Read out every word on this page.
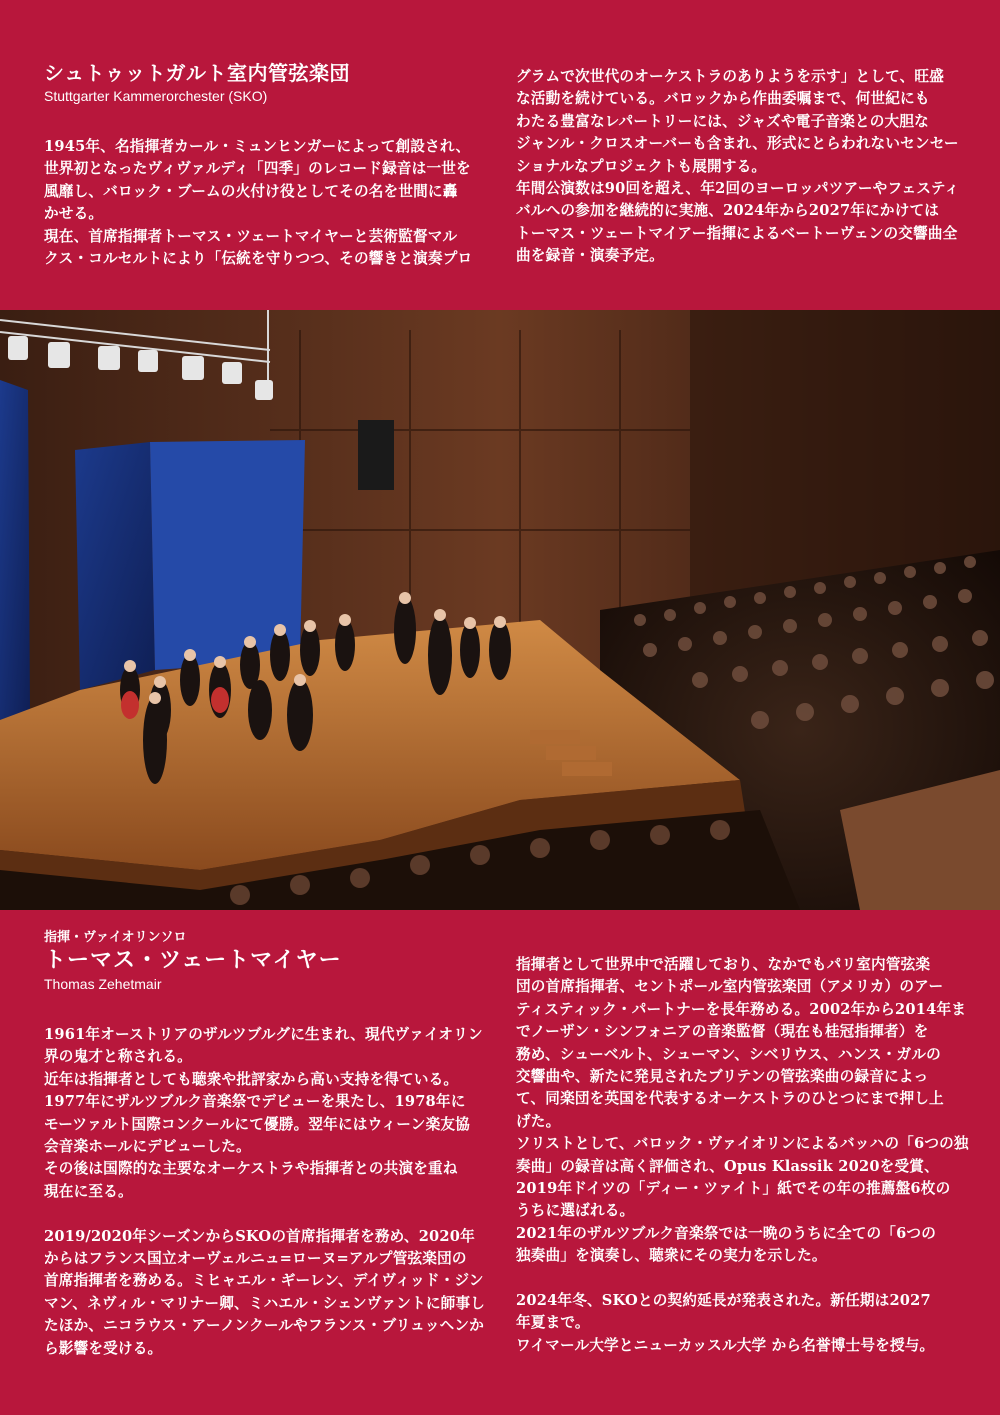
シュトゥットガルト室内管弦楽団

Stuttgarter Kammerorchester (SKO)

1945年、名指揮者カール・ミュンヒンガーによって創設され、
世界初となったヴィヴァルディ「四季」のレコード録音は一世を
風靡し、バロック・ブームの火付け役としてその名を世間に轟
かせる。
現在、首席指揮者トーマス・ツェートマイヤーと芸術監督マル
クス・コルセルトにより「伝統を守りつつ、その響きと演奏プロ
グラムで次世代のオーケストラのありようを示す」として、旺盛
な活動を続けている。バロックから作曲委嘱まで、何世紀にも
わたる豊富なレパートリーには、ジャズや電子音楽との大胆な
ジャンル・クロスオーバーも含まれ、形式にとらわれないセンセー
ショナルなプロジェクトも展開する。
年間公演数は90回を超え、年2回のヨーロッパツアーやフェスティ
バルへの参加を継続的に実施、2024年から2027年にかけては
トーマス・ツェートマイアー指揮によるベートーヴェンの交響曲全
曲を録音・演奏予定。

指揮・ヴァイオリンソロ

トーマス・ツェートマイヤー

Thomas Zehetmair

1961年オーストリアのザルツブルグに生まれ、現代ヴァイオリン
界の鬼才と称される。
近年は指揮者としても聴衆や批評家から高い支持を得ている。
1977年にザルツブルク音楽祭でデビューを果たし、1978年に
モーツァルト国際コンクールにて優勝。翌年にはウィーン楽友協
会音楽ホールにデビューした。
その後は国際的な主要なオーケストラや指揮者との共演を重ね
現在に至る。
2019/2020年シーズンからSKOの首席指揮者を務め、2020年
からはフランス国立オーヴェルニュ=ローヌ=アルプ管弦楽団の
首席指揮者を務める。ミヒャエル・ギーレン、デイヴィッド・ジン
マン、ネヴィル・マリナー卿、ミハエル・シェンヴァントに師事し
たほか、ニコラウス・アーノンクールやフランス・ブリュッヘンか
ら影響を受ける。
指揮者として世界中で活躍しており、なかでもパリ室内管弦楽
団の首席指揮者、セントポール室内管弦楽団（アメリカ）のアー
ティスティック・パートナーを長年務める。2002年から2014年ま
でノーザン・シンフォニアの音楽監督（現在も桂冠指揮者）を
務め、シューベルト、シューマン、シベリウス、ハンス・ガルの
交響曲や、新たに発見されたブリテンの管弦楽曲の録音によっ
て、同楽団を英国を代表するオーケストラのひとつにまで押し上
げた。
ソリストとして、バロック・ヴァイオリンによるバッハの「6つの独
奏曲」の録音は高く評価され、Opus Klassik 2020を受賞、
2019年ドイツの「ディー・ツァイト」紙でその年の推薦盤6枚の
うちに選ばれる。
2021年のザルツブルク音楽祭では一晩のうちに全ての「6つの
独奏曲」を演奏し、聴衆にその実力を示した。
2024年冬、SKOとの契約延長が発表された。新任期は2027
年夏まで。
ワイマール大学とニューカッスル大学 から名誉博士号を授与。
